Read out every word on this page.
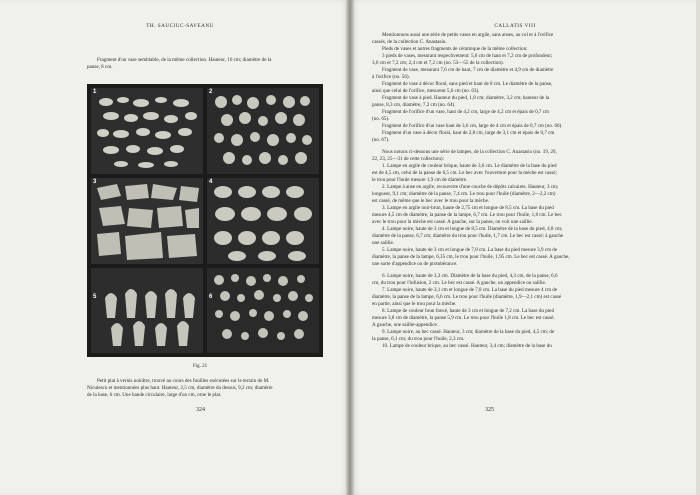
TH. SAUCIUC-SAVEANU

Fragment d'un vase semblable, de la même collection. Hauteur, 10 cm; diamètre de la

panse, 8 cm.

1	2
3	4
5	6
Fig. 21

Petit plat à vernis noirâtre, trouvé au cours des fouilles exécutées sur le terrain de M.

Niculescu et mentionnées plus haut. Hauteur, 2,5 cm, diamètre du dessus, 9,2 cm; diamètre

de la base, 6 cm. Une bande circulaire, large d'un cm, orne le plat.

324
CALLATIS VIII

Mentionnons aussi une série de petits vases en argile, sans anses, au col et à l'orifice

cassés, de la collection C. Anastasiu.

Pieds de vases et autres fragments de céramique de la même collection:

3 pieds de vases, mesurant respectivement: 5,6 cm de haut et 7,2 cm de profondeur;

3,6 cm et 7,2 cm; 2,4 cm et 7,2 cm (no. 53—55 de la collection).

Fragment de vase, mesurant 7,6 cm de haut, 7 cm de diamètre et 4,9 cm de diamètre

à l'orifice (no. 56).

Fragment de vase à décor floral, sans pied et haut de 8 cm. Le diamètre de la panse,

ainsi que celui de l'orifice, mesurent 5,6 cm (no. 63).

Fragment de vase à pied. Hauteur du pied, 1,8 cm; diamètre, 3,2 cm; hauteur de la

panse, 8,3 cm, diamètre, 7,2 cm (no. 64).

Fragment de l'orifice d'un vase, haut de 4,2 cm, large de 4,2 cm et épais de 0,7 cm

(no. 65).

Fragment de l'orifice d'un vase haut de 3,6 cm, large de 4 cm et épais de 0,7 cm (no. 66).

Fragment d'un vase à décor floral, haut de 2,8 cm, large de 3,1 cm et épais de 0,7 cm

(no. 67).

Nous notons ci-dessous une série de lampes, de la collection C. Anastasiu (no. 19, 20,

22, 23, 25—31 de cette collection):

1. Lampe en argile de couleur brique, haute de 3,6 cm. Le diamètre de la base du pied

est de 4,5 cm, celui de la panse de 6,5 cm. Le bec avec l'ouverture pour la mèche est cassé;

le trou pour l'huile mesure 1,9 cm de diamètre.

2. Lampe à anse en argile, recouverte d'une couche de dépôts calcaires. Hauteur, 3 cm;

longueur, 9,1 cm; diamètre de la panse, 7,4 cm. Le trou pour l'huile (diamètre, 2—2,2 cm)

est cassé, de même que le bec avec le trou pour la mèche.

3. Lampe en argile noir-brun, haute de 2,75 cm et longue de 8,5 cm. La base du pied

mesure 4,5 cm de diamètre, la panse de la lampe, 6,7 cm. Le trou pour l'huile, 1,8 cm. Le bec

avec le trou pour la mèche est cassé. A gauche, sur la panse, on voit une saillie.

4. Lampe noire, haute de 3 cm et longue de 8,5 cm. Diamètre de la base du pied, 4,8 cm;

diamètre de la panse, 6,7 cm; diamètre du trou pour l'huile, 1,7 cm. Le bec est cassé; à gauche

une saillie.

5. Lampe noire, haute de 3 cm et longue de 7,8 cm. La base du pied mesure 3,9 cm de

diamètre, la panse de la lampe, 6,35 cm, le trou pour l'huile, 1,95 cm. Le bec est cassé. A gauche,

une sorte d'appendice ou de protubérance.

6. Lampe noire, haute de 3,3 cm. Diamètre de la base du pied, 4,3 cm, de la panse, 6,6

cm, du trou pour l'infusion, 2 cm. Le bec est cassé. A gauche, un appendice ou saillie.

7. Lampe noire, haute de 3,1 cm et longue de 7,8 cm. La base du pied mesure 4 cm de

diamètre, la panse de la lampe, 6,6 cm. Le trou pour l'huile (diamètre, 1,9—2,1 cm) est cassé

en partie, ainsi que le trou pour la mèche.

8. Lampe de couleur brun foncé, haute de 3 cm et longue de 7,2 cm. La base du pied

mesure 3,8 cm de diamètre, la panse 5,9 cm. Le trou pour l'huile 1,8 cm. Le bec est cassé.

A gauche, une saillie-appendice.

9. Lampe noire, au bec cassé. Hauteur, 3 cm; diamètre de la base du pied, 4,5 cm; de

la panse, 6,1 cm; du trou pour l'huile, 2,3 cm.

10. Lampe de couleur brique, au bec cassé. Hauteur, 3,4 cm; diamètre de la base du

325
